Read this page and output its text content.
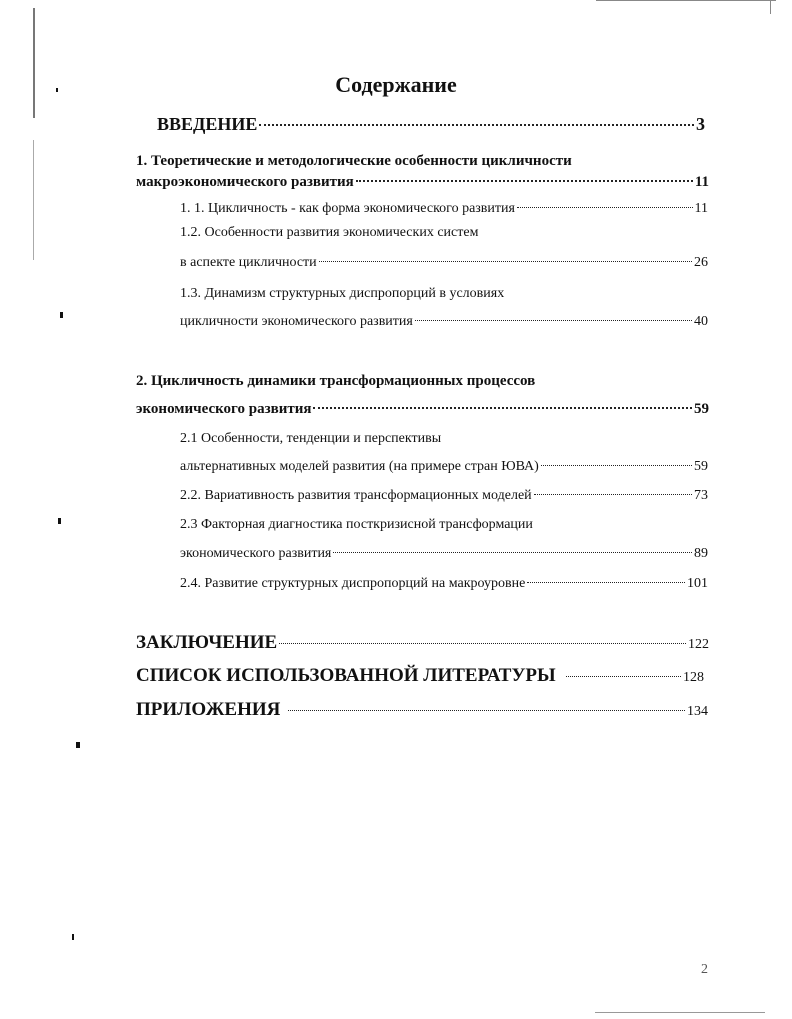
Содержание
ВВЕДЕНИЕ	3
1. Теоретические и методологические особенности цикличности
макроэкономического развития	11
1. 1. Цикличность - как форма экономического развития	11
1.2. Особенности развития экономических систем
в аспекте цикличности	26
1.3. Динамизм структурных диспропорций в условиях
цикличности экономического развития	40
2. Цикличность динамики трансформационных процессов
экономического развития	59
2.1 Особенности, тенденции и перспективы
альтернативных моделей развития (на примере стран ЮВА)	59
2.2. Вариативность развития трансформационных моделей	73
2.3 Факторная диагностика посткризисной трансформации
экономического развития	89
2.4. Развитие структурных диспропорций на макроуровне	101
ЗАКЛЮЧЕНИЕ	122
СПИСОК ИСПОЛЬЗОВАННОЙ ЛИТЕРАТУРЫ	128
ПРИЛОЖЕНИЯ	134
2
